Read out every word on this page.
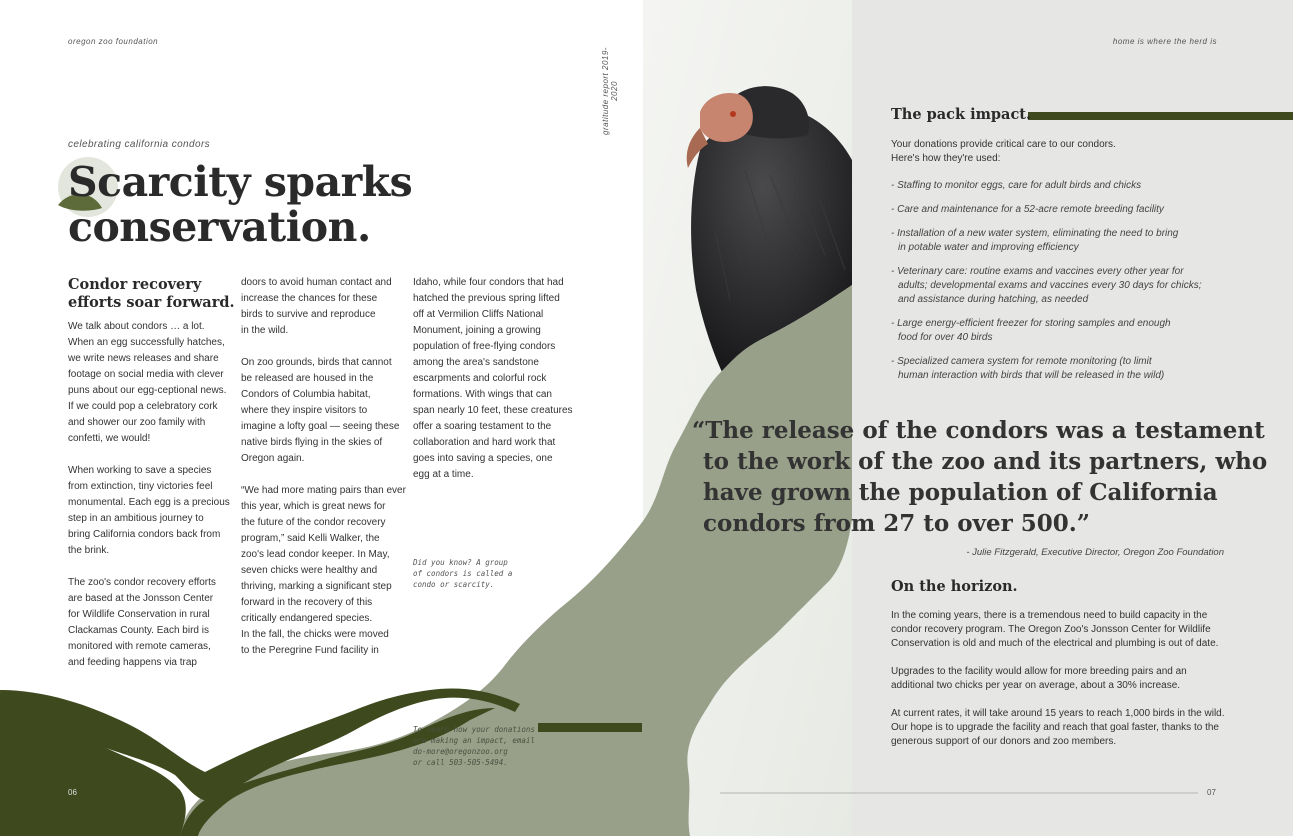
oregon zoo foundation	home is where the herd is
gratitude report 2019-2020
celebrating california condors
Scarcity sparks
conservation.
Condor recovery
efforts soar forward.
We talk about condors … a lot.
When an egg successfully hatches,
we write news releases and share
footage on social media with clever
puns about our egg-ceptional news.
If we could pop a celebratory cork
and shower our zoo family with
confetti, we would!
When working to save a species
from extinction, tiny victories feel
monumental. Each egg is a precious
step in an ambitious journey to
bring California condors back from
the brink.
The zoo's condor recovery efforts
are based at the Jonsson Center
for Wildlife Conservation in rural
Clackamas County. Each bird is
monitored with remote cameras,
and feeding happens via trap
doors to avoid human contact and
increase the chances for these
birds to survive and reproduce
in the wild.
On zoo grounds, birds that cannot
be released are housed in the
Condors of Columbia habitat,
where they inspire visitors to
imagine a lofty goal — seeing these
native birds flying in the skies of
Oregon again.
“We had more mating pairs than ever
this year, which is great news for
the future of the condor recovery
program,” said Kelli Walker, the
zoo's lead condor keeper. In May,
seven chicks were healthy and
thriving, marking a significant step
forward in the recovery of this
critically endangered species.
In the fall, the chicks were moved
to the Peregrine Fund facility in
Idaho, while four condors that had
hatched the previous spring lifted
off at Vermilion Cliffs National
Monument, joining a growing
population of free-flying condors
among the area's sandstone
escarpments and colorful rock
formations. With wings that can
span nearly 10 feet, these creatures
offer a soaring testament to the
collaboration and hard work that
goes into saving a species, one
egg at a time.
Did you know? A group
of condors is called a
condo or scarcity.
To learn how your donations
are making an impact, email
do-more@oregonzoo.org
or call 503-505-5494.
06
The pack impact.
Your donations provide critical care to our condors.
Here's how they're used:

- Staffing to monitor eggs, care for adult birds and chicks

- Care and maintenance for a 52-acre remote breeding facility

- Installation of a new water system, eliminating the need to bring
in potable water and improving efficiency

- Veterinary care: routine exams and vaccines every other year for
adults; developmental exams and vaccines every 30 days for chicks;
and assistance during hatching, as needed

- Large energy-efficient freezer for storing samples and enough
food for over 40 birds

- Specialized camera system for remote monitoring (to limit
human interaction with birds that will be released in the wild)

“The release of the condors was a testament
to the work of the zoo and its partners, who
have grown the population of California
condors from 27 to over 500.”
- Julie Fitzgerald, Executive Director, Oregon Zoo Foundation
On the horizon.
In the coming years, there is a tremendous need to build capacity in the
condor recovery program. The Oregon Zoo's Jonsson Center for Wildlife
Conservation is old and much of the electrical and plumbing is out of date.
Upgrades to the facility would allow for more breeding pairs and an
additional two chicks per year on average, about a 30% increase.
At current rates, it will take around 15 years to reach 1,000 birds in the wild.
Our hope is to upgrade the facility and reach that goal faster, thanks to the
generous support of our donors and zoo members.
07
